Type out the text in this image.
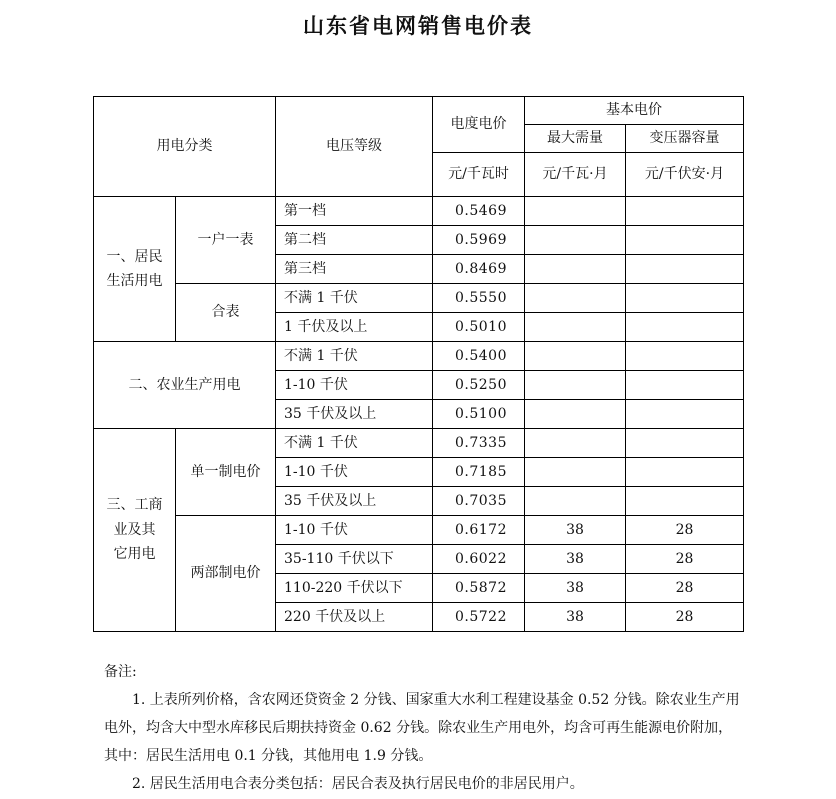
山东省电网销售电价表
用电分类		电压等级	电度电价	基本电价	
				最大需量	变压器容量
			元/千瓦时	元/千瓦·月	元/千伏安·月

一、居民
生活用电	一户一表	第一档	0.5469		
		第二档	0.5969		
		第三档	0.8469		
	合表	不满 1 千伏	0.5550		
		1 千伏及以上	0.5010		
二、农业生产用电		不满 1 千伏	0.5400		
		1-10 千伏	0.5250		
		35 千伏及以上	0.5100		

三、工商
业及其
它用电	单一制电价	不满 1 千伏	0.7335		
		1-10 千伏	0.7185		
		35 千伏及以上	0.7035		
	两部制电价	1-10 千伏	0.6172	38	28
		35-110 千伏以下	0.6022	38	28
		110-220 千伏以下	0.5872	38	28
		220 千伏及以上	0.5722	38	28

备注:

1. 上表所列价格，含农网还贷资金 2 分钱、国家重大水利工程建设基金 0.52 分钱。除农业生产用电外，均含大中型水库移民后期扶持资金 0.62 分钱。除农业生产用电外，均含可再生能源电价附加，其中：居民生活用电 0.1 分钱，其他用电 1.9 分钱。

2. 居民生活用电合表分类包括：居民合表及执行居民电价的非居民用户。
